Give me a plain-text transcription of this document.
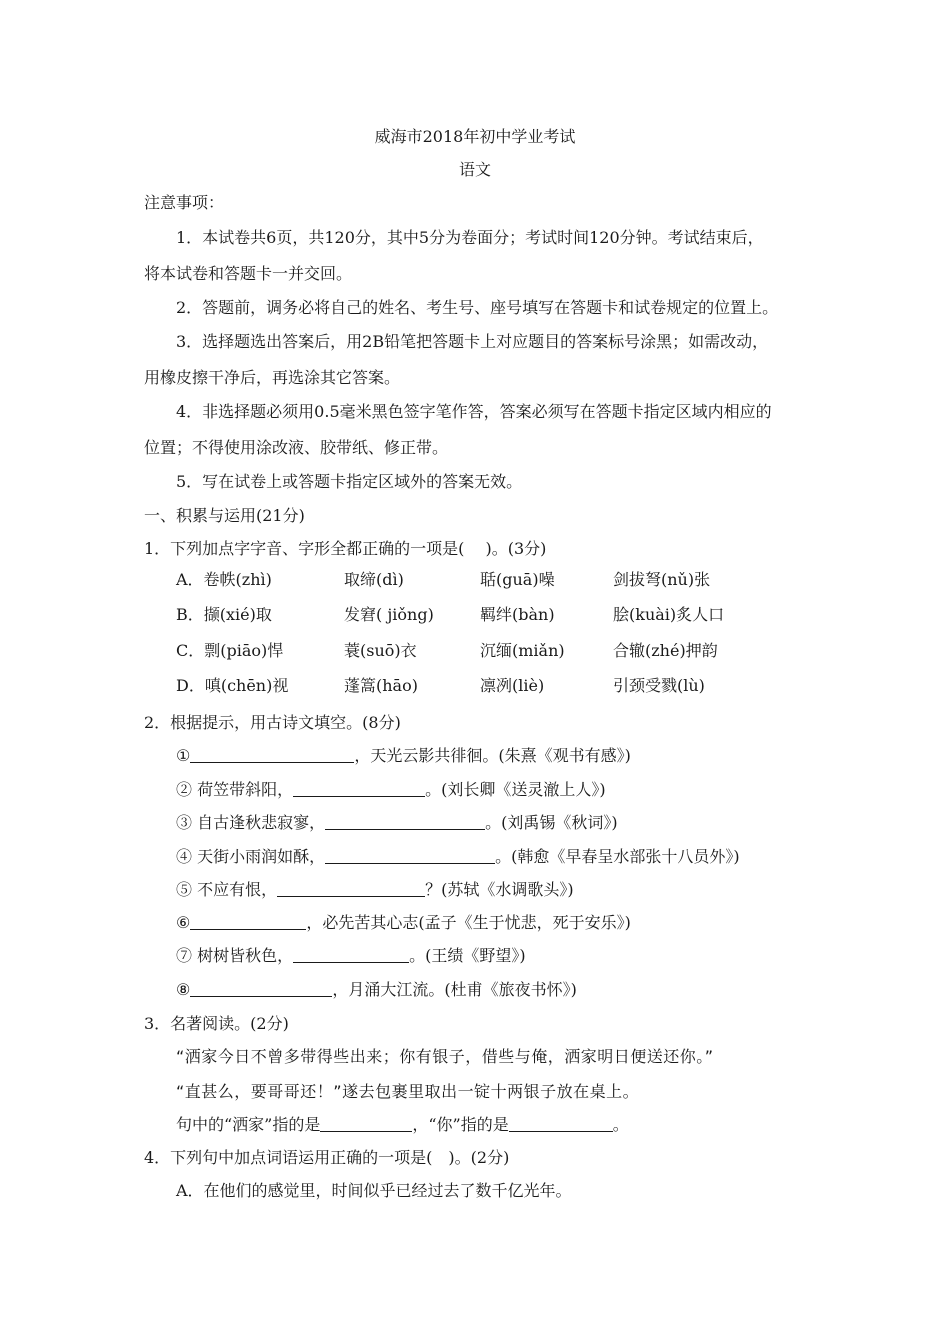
威海市2018年初中学业考试
语文
注意事项：
1．本试卷共6页，共120分，其中5分为卷面分；考试时间120分钟。考试结束后，
将本试卷和答题卡一并交回。
2．答题前，调务必将自己的姓名、考生号、座号填写在答题卡和试卷规定的位置上。
3．选择题选出答案后，用2B铅笔把答题卡上对应题目的答案标号涂黑；如需改动，
用橡皮擦干净后，再选涂其它答案。
4．非选择题必须用0.5毫米黑色签字笔作答，答案必须写在答题卡指定区域内相应的
位置；不得使用涂改液、胶带纸、修正带。
5．写在试卷上或答题卡指定区域外的答案无效。
一、积累与运用(21分)
1．下列加点字字音、字形全都正确的一项是(　 )。(3分)
A．卷帙(zhì)	取缔(dì)	聒(guā)噪	剑拔弩(nǔ)张
B．撷(xié)取	发窘( jiǒng)	羁绊(bàn)	脍(kuài)炙人口
C．剽(piāo)悍	蓑(suō)衣	沉缅(miǎn)	合辙(zhé)押韵
D．嗔(chēn)视	蓬篙(hāo)	凛冽(liè)	引颈受戮(lù)
2．根据提示，用古诗文填空。(8分)
①	，天光云影共徘徊。(朱熹《观书有感》)
② 荷笠带斜阳，	。(刘长卿《送灵澈上人》)
③ 自古逢秋悲寂寥，	。(刘禹锡《秋词》)
④ 天街小雨润如酥，	。(韩愈《早春呈水部张十八员外》)
⑤ 不应有恨，	？(苏轼《水调歌头》)
⑥	，必先苦其心志(孟子《生于忧悲，死于安乐》)
⑦ 树树皆秋色，	。(王绩《野望》)
⑧	，月涌大江流。(杜甫《旅夜书怀》)
3．名著阅读。(2分)
“洒家今日不曾多带得些出来；你有银子，借些与俺，洒家明日便送还你。”
“直甚么，要哥哥还！”遂去包裹里取出一锭十两银子放在桌上。
句中的“洒家”指的是	，“你”指的是	。
4．下列句中加点词语运用正确的一项是(　)。(2分)
A．在他们的感觉里，时间似乎已经过去了数千亿光年。
